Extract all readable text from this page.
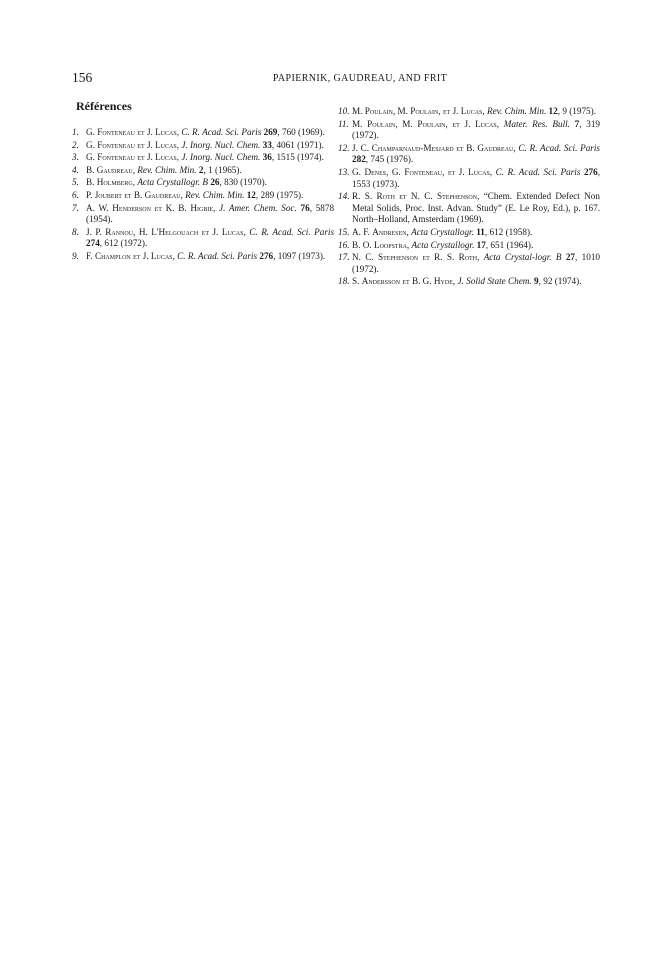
156	PAPIERNIK, GAUDREAU, AND FRIT
Références
1. G. Fonteneau et J. Lucas, C. R. Acad. Sci. Paris 269, 760 (1969).
2. G. Fonteneau et J. Lucas, J. Inorg. Nucl. Chem. 33, 4061 (1971).
3. G. Fonteneau et J. Lucas, J. Inorg. Nucl. Chem. 36, 1515 (1974).
4. B. Gaudreau, Rev. Chim. Min. 2, 1 (1965).
5. B. Holmberg, Acta Crystallogr. B 26, 830 (1970).
6. P. Joubert et B. Gaudreau, Rev. Chim. Min. 12, 289 (1975).
7. A. W. Henderson et K. B. Higbie, J. Amer. Chem. Soc. 76, 5878 (1954).
8. J. P. Rannou, H. L'Helgouach et J. Lucas, C. R. Acad. Sci. Paris 274, 612 (1972).
9. F. Champlon et J. Lucas, C. R. Acad. Sci. Paris 276, 1097 (1973).
10. M. Poulain, M. Poulain, et J. Lucas, Rev. Chim. Min. 12, 9 (1975).
11. M. Poulain, M. Poulain, et J. Lucas, Mater. Res. Bull. 7, 319 (1972).
12. J. C. Champarnaud-Mesjard et B. Gaudreau, C. R. Acad. Sci. Paris 282, 745 (1976).
13. G. Denes, G. Fonteneau, et J. Lucas, C. R. Acad. Sci. Paris 276, 1553 (1973).
14. R. S. Roth et N. C. Stephenson, “Chem. Extended Defect Non Metal Solids, Proc. Inst. Advan. Study” (E. Le Roy, Ed.), p. 167. North–Holland, Amsterdam (1969).
15. A. F. Andresen, Acta Crystallogr. 11, 612 (1958).
16. B. O. Loopstra, Acta Crystallogr. 17, 651 (1964).
17. N. C. Stephenson et R. S. Roth, Acta Crystal-logr. B 27, 1010 (1972).
18. S. Andersson et B. G. Hyde, J. Solid State Chem. 9, 92 (1974).
